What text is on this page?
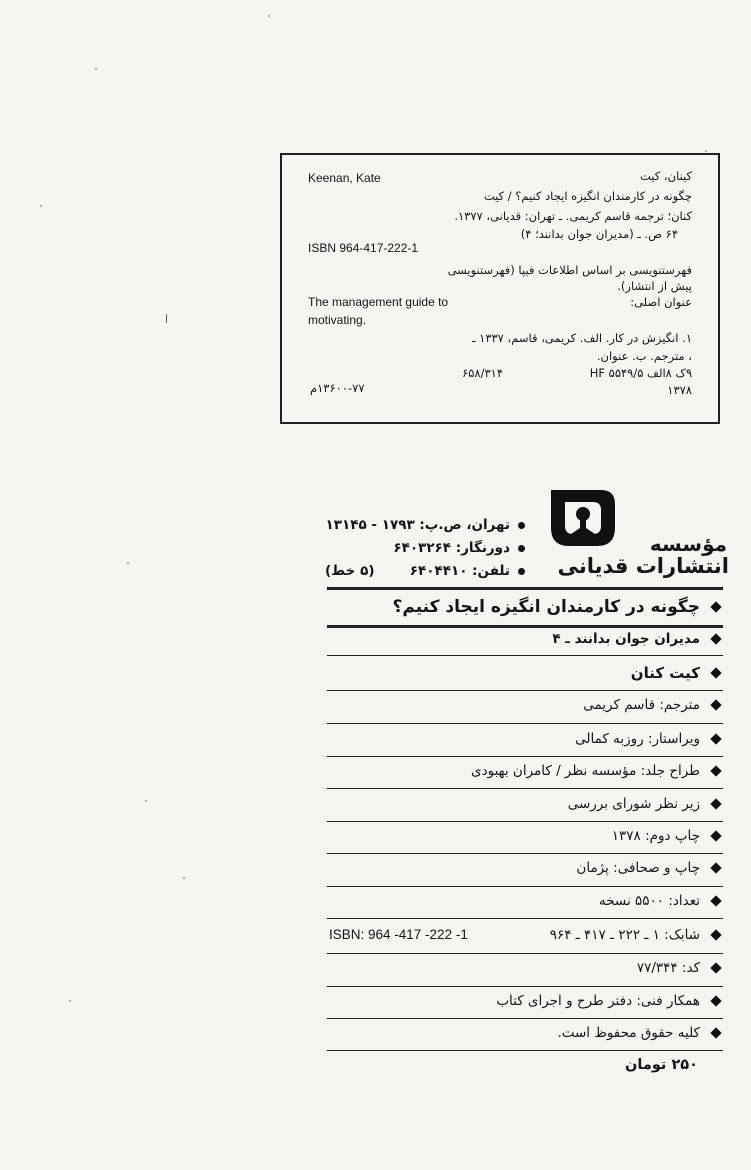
Keenan, Kate	کینان، کیت
چگونه در کارمندان انگیزه ایجاد کنیم؟ / کیت
کنان؛ ترجمه قاسم کریمی. ـ تهران: قدیانی، ۱۳۷۷.
۶۴ ص. ـ (مدیران جوان بدانند؛ ۴)
ISBN 964-417-222-1
فهرستنویسی بر اساس اطلاعات فیپا (فهرستنویسی
پیش از انتشار).
The management guide to	عنوان اصلی:
motivating.
۱. انگیزش در کار. الف. کریمی، قاسم، ۱۳۳۷ ـ
، مترجم. ب. عنوان.
۹ک ۸الف ۵۵۴۹/۵ HF
۶۵۸/۳۱۴
۱۳۷۸
۱۳۶۰۰-۷۷م
مؤسسه
انتشارات قدیانی
تهران، ص.پ: ۱۷۹۳ - ۱۳۱۴۵
دورنگار: ۶۴۰۳۲۶۴
تلفن: ۶۴۰۴۴۱۰
(۵ خط)
چگونه در کارمندان انگیزه ایجاد کنیم؟
مدیران جوان بدانند ـ ۴
کیت کنان
مترجم: قاسم کریمی
ویراستار: روزبه کمالی
طراح جلد: مؤسسه نظر / کامران بهبودی
زیر نظر شورای بررسی
چاپ دوم: ۱۳۷۸
چاپ و صحافی: پژمان
تعداد: ۵۵۰۰ نسخه
شابک: ۱ ـ ۲۲۲ ـ ۴۱۷ ـ ۹۶۴
ISBN: 964 -417 -222 -1
کد: ۷۷/۳۴۴
همکار فنی: دفتر طرح و اجرای کتاب
کلیه حقوق محفوظ است.
۲۵۰ تومان
